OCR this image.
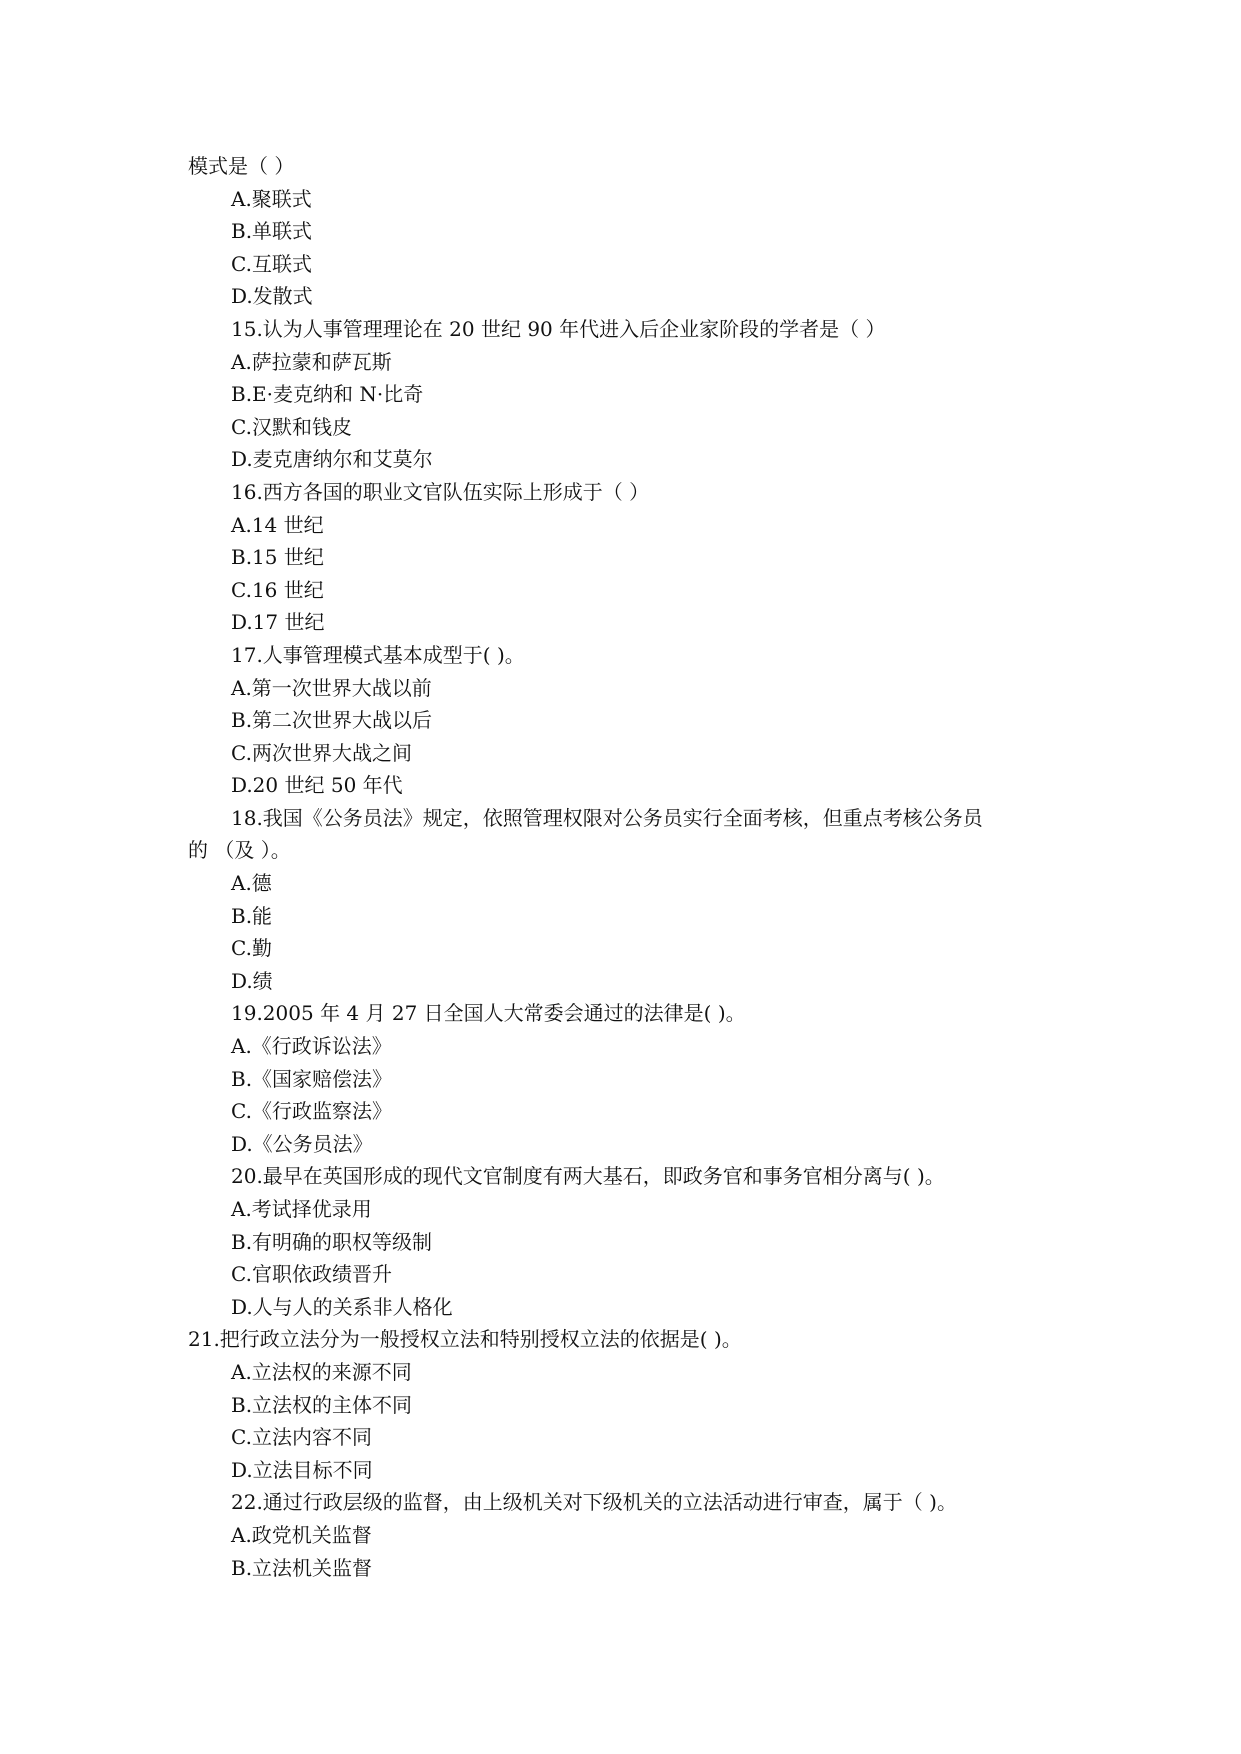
模式是（ ）
A.聚联式
B.单联式
C.互联式
D.发散式
15.认为人事管理理论在 20 世纪 90 年代进入后企业家阶段的学者是（ ）
A.萨拉蒙和萨瓦斯
B.E·麦克纳和 N·比奇
C.汉默和钱皮
D.麦克唐纳尔和艾莫尔
16.西方各国的职业文官队伍实际上形成于（ ）
A.14 世纪
B.15 世纪
C.16 世纪
D.17 世纪
17.人事管理模式基本成型于( )。
A.第一次世界大战以前
B.第二次世界大战以后
C.两次世界大战之间
D.20 世纪 50 年代
18.我国《公务员法》规定，依照管理权限对公务员实行全面考核，但重点考核公务员
的 （及 ）。
A.德
B.能
C.勤
D.绩
19.2005 年 4 月 27 日全国人大常委会通过的法律是( )。
A.《行政诉讼法》
B.《国家赔偿法》
C.《行政监察法》
D.《公务员法》
20.最早在英国形成的现代文官制度有两大基石，即政务官和事务官相分离与( )。
A.考试择优录用
B.有明确的职权等级制
C.官职依政绩晋升
D.人与人的关系非人格化
21.把行政立法分为一般授权立法和特别授权立法的依据是( )。
A.立法权的来源不同
B.立法权的主体不同
C.立法内容不同
D.立法目标不同
22.通过行政层级的监督，由上级机关对下级机关的立法活动进行审查，属于（ )。
A.政党机关监督
B.立法机关监督
